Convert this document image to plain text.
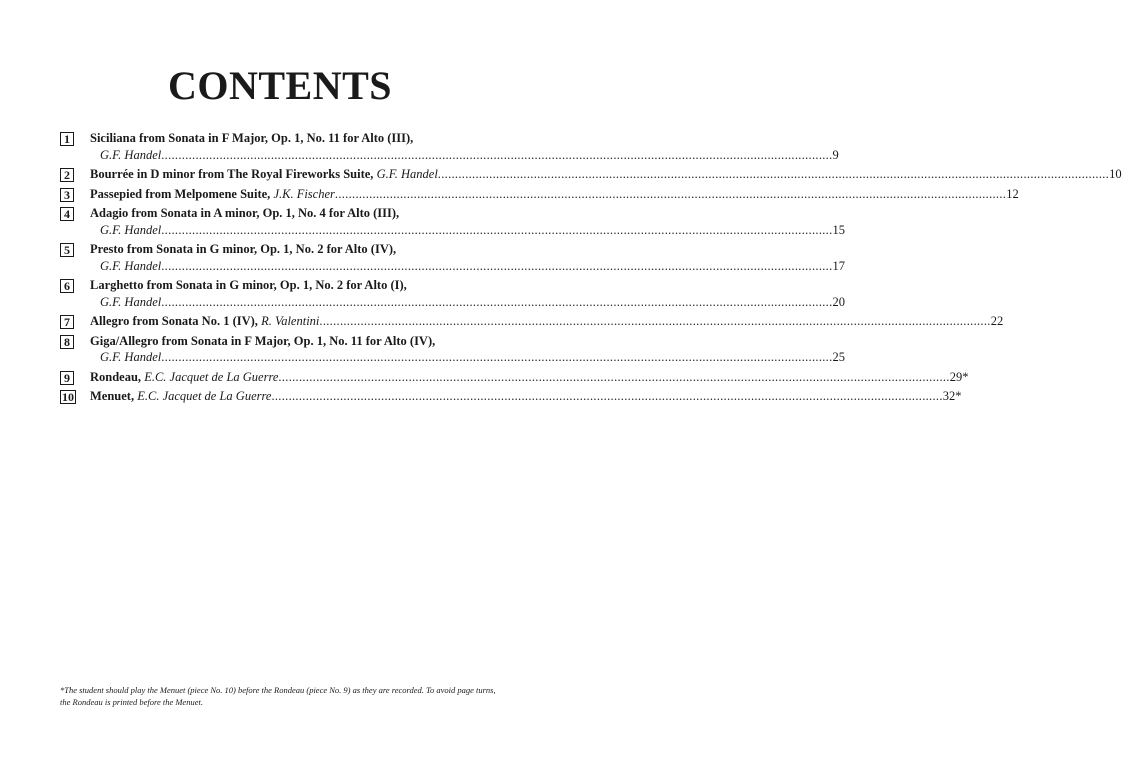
CONTENTS
1	Siciliana from Sonata in F Major, Op. 1, No. 11 for Alto (III),
G.F. Handel .....	9
2	Bourrée in D minor from The Royal Fireworks Suite,
G.F. Handel .....	10
3	Passepied from Melpomene Suite,
J.K. Fischer .....	12
4	Adagio from Sonata in A minor, Op. 1, No. 4 for Alto (III),
G.F. Handel .....	15
5	Presto from Sonata in G minor, Op. 1, No. 2 for Alto (IV),
G.F. Handel .....	17
6	Larghetto from Sonata in G minor, Op. 1, No. 2 for Alto (I),
G.F. Handel .....	20
7	Allegro from Sonata No. 1 (IV),
R. Valentini .....	22
8	Giga/Allegro from Sonata in F Major, Op. 1, No. 11 for Alto (IV),
G.F. Handel .....	25
9	Rondeau,
E.C. Jacquet de La Guerre .....	29*
10 Menuet,
E.C. Jacquet de La Guerre .....	32*

*The student should play the Menuet (piece No. 10) before the Rondeau (piece No. 9) as they are recorded. To avoid page turns, the Rondeau is printed before the Menuet.
